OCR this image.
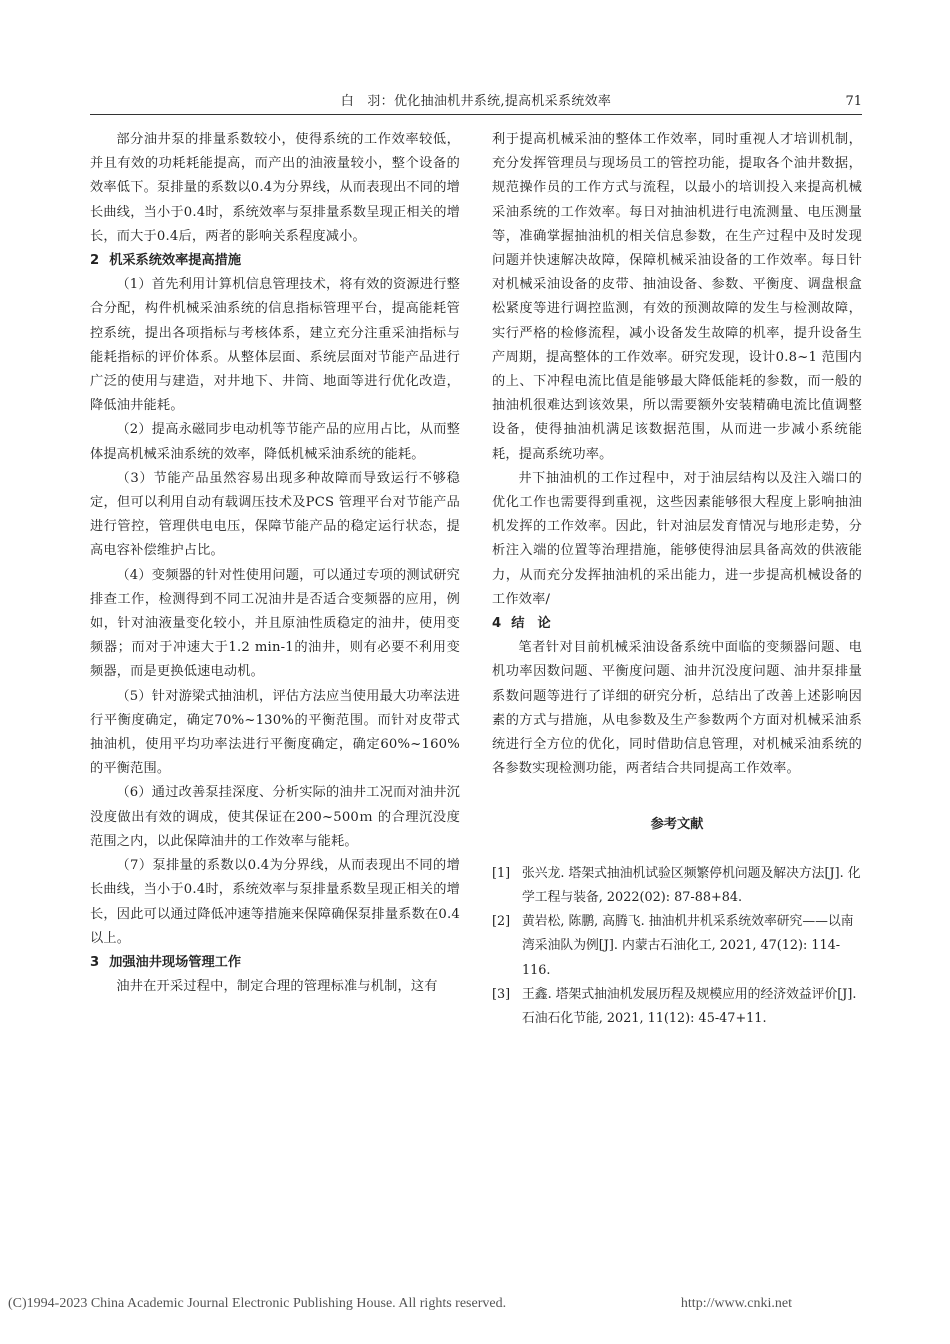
白　羽：优化抽油机井系统,提高机采系统效率	71

部分油井泵的排量系数较小，使得系统的工作效率较低，并且有效的功耗耗能提高，而产出的油液量较小，整个设备的效率低下。泵排量的系数以0.4为分界线，从而表现出不同的增长曲线，当小于0.4时，系统效率与泵排量系数呈现正相关的增长，而大于0.4后，两者的影响关系程度减小。

2 机采系统效率提高措施

（1）首先利用计算机信息管理技术，将有效的资源进行整合分配，构件机械采油系统的信息指标管理平台，提高能耗管控系统，提出各项指标与考核体系，建立充分注重采油指标与能耗指标的评价体系。从整体层面、系统层面对节能产品进行广泛的使用与建造，对井地下、井筒、地面等进行优化改造，降低油井能耗。

（2）提高永磁同步电动机等节能产品的应用占比，从而整体提高机械采油系统的效率，降低机械采油系统的能耗。

（3）节能产品虽然容易出现多种故障而导致运行不够稳定，但可以利用自动有载调压技术及PCS 管理平台对节能产品进行管控，管理供电电压，保障节能产品的稳定运行状态，提高电容补偿维护占比。

（4）变频器的针对性使用问题，可以通过专项的测试研究排查工作，检测得到不同工况油井是否适合变频器的应用，例如，针对油液量变化较小，并且原油性质稳定的油井，使用变频器；而对于冲速大于1.2 min-1的油井，则有必要不利用变频器，而是更换低速电动机。

（5）针对游梁式抽油机，评估方法应当使用最大功率法进行平衡度确定，确定70%~130%的平衡范围。而针对皮带式抽油机，使用平均功率法进行平衡度确定，确定60%~160%的平衡范围。

（6）通过改善泵挂深度、分析实际的油井工况而对油井沉没度做出有效的调成，使其保证在200~500ｍ 的合理沉没度范围之内，以此保障油井的工作效率与能耗。

（7）泵排量的系数以0.4为分界线，从而表现出不同的增长曲线，当小于0.4时，系统效率与泵排量系数呈现正相关的增长，因此可以通过降低冲速等措施来保障确保泵排量系数在0.4 以上。

3 加强油井现场管理工作

油井在开采过程中，制定合理的管理标准与机制，这有

利于提高机械采油的整体工作效率，同时重视人才培训机制，充分发挥管理员与现场员工的管控功能，提取各个油井数据，规范操作员的工作方式与流程，以最小的培训投入来提高机械采油系统的工作效率。每日对抽油机进行电流测量、电压测量等，准确掌握抽油机的相关信息参数，在生产过程中及时发现问题并快速解决故障，保障机械采油设备的工作效率。每日针对机械采油设备的皮带、抽油设备、参数、平衡度、调盘根盒松紧度等进行调控监测，有效的预测故障的发生与检测故障，实行严格的检修流程，减小设备发生故障的机率，提升设备生产周期，提高整体的工作效率。研究发现，设计0.8~1 范围内的上、下冲程电流比值是能够最大降低能耗的参数，而一般的抽油机很难达到该效果，所以需要额外安装精确电流比值调整设备，使得抽油机满足该数据范围，从而进一步减小系统能耗，提高系统功率。

井下抽油机的工作过程中，对于油层结构以及注入端口的优化工作也需要得到重视，这些因素能够很大程度上影响抽油机发挥的工作效率。因此，针对油层发育情况与地形走势，分析注入端的位置等治理措施，能够使得油层具备高效的供液能力，从而充分发挥抽油机的采出能力，进一步提高机械设备的工作效率/

4 结　论

笔者针对目前机械采油设备系统中面临的变频器问题、电机功率因数问题、平衡度问题、油井沉没度问题、油井泵排量系数问题等进行了详细的研究分析，总结出了改善上述影响因素的方式与措施，从电参数及生产参数两个方面对机械采油系统进行全方位的优化，同时借助信息管理，对机械采油系统的各参数实现检测功能，两者结合共同提高工作效率。

参考文献
[1] 张兴龙. 塔架式抽油机试验区频繁停机问题及解决方法[J]. 化学工程与装备, 2022(02): 87-88+84.
[2] 黄岩松, 陈鹏, 高腾飞. 抽油机井机采系统效率研究——以南湾采油队为例[J]. 内蒙古石油化工, 2021, 47(12): 114-116.
[3] 王鑫. 塔架式抽油机发展历程及规模应用的经济效益评价[J]. 石油石化节能, 2021, 11(12): 45-47+11.
(C)1994-2023 China Academic Journal Electronic Publishing House. All rights reserved.	http://www.cnki.net
